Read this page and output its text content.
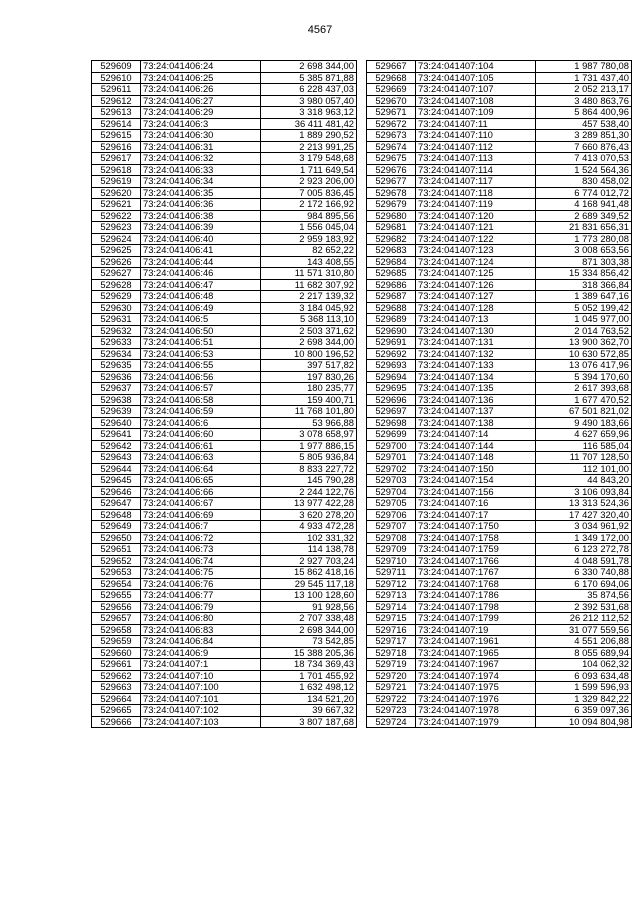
4567
529609	73:24:041406:24	2 698 344,00
529610	73:24:041406:25	5 385 871,88
529611	73:24:041406:26	6 228 437,03
529612	73:24:041406:27	3 980 057,40
529613	73:24:041406:29	3 318 963,12
529614	73:24:041406:3	36 411 481,42
529615	73:24:041406:30	1 889 290,52
529616	73:24:041406:31	2 213 991,25
529617	73:24:041406:32	3 179 548,68
529618	73:24:041406:33	1 711 649,54
529619	73:24:041406:34	2 923 206,00
529620	73:24:041406:35	7 005 836,45
529621	73:24:041406:36	2 172 166,92
529622	73:24:041406:38	984 895,56
529623	73:24:041406:39	1 556 045,04
529624	73:24:041406:40	2 959 183,92
529625	73:24:041406:41	82 652,22
529626	73:24:041406:44	143 408,55
529627	73:24:041406:46	11 571 310,80
529628	73:24:041406:47	11 682 307,92
529629	73:24:041406:48	2 217 139,32
529630	73:24:041406:49	3 184 045,92
529631	73:24:041406:5	5 368 113,10
529632	73:24:041406:50	2 503 371,62
529633	73:24:041406:51	2 698 344,00
529634	73:24:041406:53	10 800 196,52
529635	73:24:041406:55	397 517,82
529636	73:24:041406:56	197 830,26
529637	73:24:041406:57	180 235,77
529638	73:24:041406:58	159 400,71
529639	73:24:041406:59	11 768 101,80
529640	73:24:041406:6	53 966,88
529641	73:24:041406:60	3 078 658,97
529642	73:24:041406:61	1 977 886,15
529643	73:24:041406:63	5 805 936,84
529644	73:24:041406:64	8 833 227,72
529645	73:24:041406:65	145 790,28
529646	73:24:041406:66	2 244 122,76
529647	73:24:041406:67	13 977 422,28
529648	73:24:041406:69	3 620 278,20
529649	73:24:041406:7	4 933 472,28
529650	73:24:041406:72	102 331,32
529651	73:24:041406:73	114 138,78
529652	73:24:041406:74	2 927 703,24
529653	73:24:041406:75	15 862 418,16
529654	73:24:041406:76	29 545 117,18
529655	73:24:041406:77	13 100 128,60
529656	73:24:041406:79	91 928,56
529657	73:24:041406:80	2 707 338,48
529658	73:24:041406:83	2 698 344,00
529659	73:24:041406:84	73 542,85
529660	73:24:041406:9	15 388 205,36
529661	73:24:041407:1	18 734 369,43
529662	73:24:041407:10	1 701 455,92
529663	73:24:041407:100	1 632 498,12
529664	73:24:041407:101	134 521,20
529665	73:24:041407:102	39 667,32
529666	73:24:041407:103	3 807 187,68
529667	73:24:041407:104	1 987 780,08
529668	73:24:041407:105	1 731 437,40
529669	73:24:041407:107	2 052 213,17
529670	73:24:041407:108	3 480 863,76
529671	73:24:041407:109	5 864 400,96
529672	73:24:041407:11	457 538,40
529673	73:24:041407:110	3 289 851,30
529674	73:24:041407:112	7 660 876,43
529675	73:24:041407:113	7 413 070,53
529676	73:24:041407:114	1 524 564,36
529677	73:24:041407:117	830 458,02
529678	73:24:041407:118	6 774 012,72
529679	73:24:041407:119	4 168 941,48
529680	73:24:041407:120	2 689 349,52
529681	73:24:041407:121	21 831 656,31
529682	73:24:041407:122	1 773 280,08
529683	73:24:041407:123	3 008 653,56
529684	73:24:041407:124	871 303,38
529685	73:24:041407:125	15 334 856,42
529686	73:24:041407:126	318 366,84
529687	73:24:041407:127	1 389 647,16
529688	73:24:041407:128	5 052 199,42
529689	73:24:041407:13	1 045 977,00
529690	73:24:041407:130	2 014 763,52
529691	73:24:041407:131	13 900 362,70
529692	73:24:041407:132	10 630 572,85
529693	73:24:041407:133	13 076 417,96
529694	73:24:041407:134	5 394 170,60
529695	73:24:041407:135	2 617 393,68
529696	73:24:041407:136	1 677 470,52
529697	73:24:041407:137	67 501 821,02
529698	73:24:041407:138	9 490 183,66
529699	73:24:041407:14	4 627 659,96
529700	73:24:041407:144	116 585,04
529701	73:24:041407:148	11 707 128,50
529702	73:24:041407:150	112 101,00
529703	73:24:041407:154	44 843,20
529704	73:24:041407:156	3 106 093,84
529705	73:24:041407:16	13 313 524,36
529706	73:24:041407:17	17 427 320,40
529707	73:24:041407:1750	3 034 961,92
529708	73:24:041407:1758	1 349 172,00
529709	73:24:041407:1759	6 123 272,78
529710	73:24:041407:1766	4 048 591,78
529711	73:24:041407:1767	6 330 740,88
529712	73:24:041407:1768	6 170 694,06
529713	73:24:041407:1786	35 874,56
529714	73:24:041407:1798	2 392 531,68
529715	73:24:041407:1799	26 212 112,52
529716	73:24:041407:19	31 077 559,56
529717	73:24:041407:1961	4 551 206,88
529718	73:24:041407:1965	8 055 689,94
529719	73:24:041407:1967	104 062,32
529720	73:24:041407:1974	6 093 634,48
529721	73:24:041407:1975	1 599 596,93
529722	73:24:041407:1976	1 329 842,22
529723	73:24:041407:1978	6 359 097,36
529724	73:24:041407:1979	10 094 804,98
